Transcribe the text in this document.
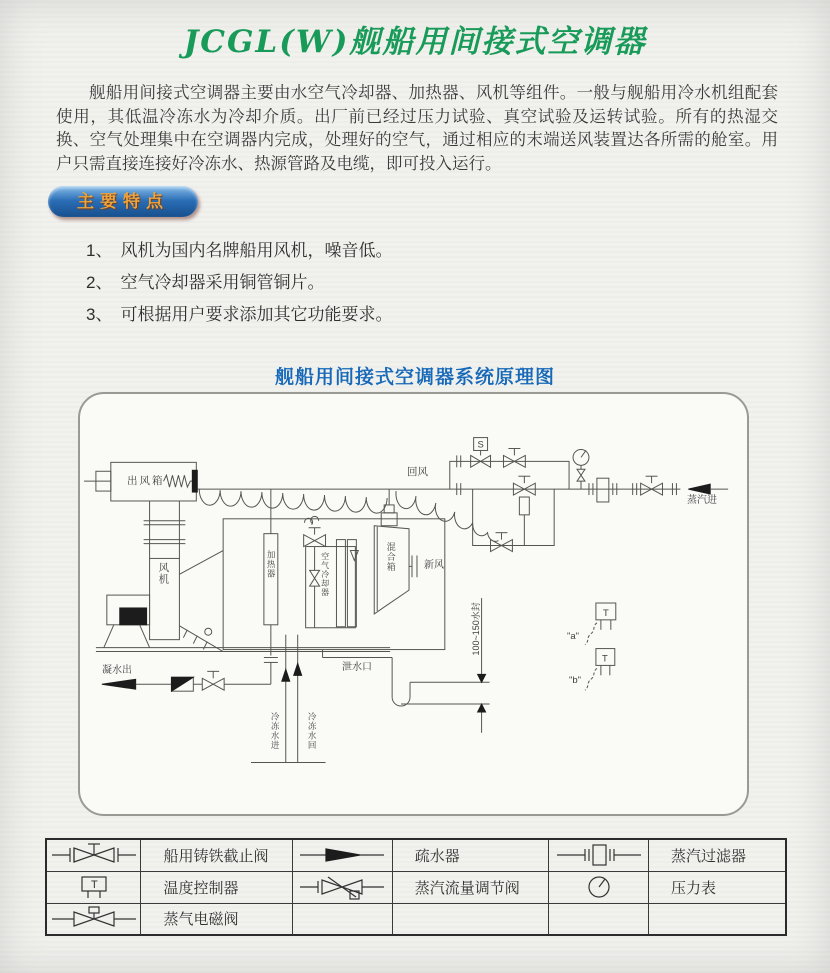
JCGL(W)舰船用间接式空调器

舰船用间接式空调器主要由水空气冷却器、加热器、风机等组件。一般与舰船用冷水机组配套使用，其低温冷冻水为冷却介质。出厂前已经过压力试验、真空试验及运转试验。所有的热湿交换、空气处理集中在空调器内完成，处理好的空气，通过相应的末端送风装置达各所需的舱室。用户只需直接连接好冷冻水、热源管路及电缆，即可投入运行。

主要特点
1、 风机为国内名牌船用风机，噪音低。
2、 空气冷却器采用铜管铜片。
3、 可根据用户要求添加其它功能要求。
舰船用间接式空调器系统原理图
S
T
T
出风箱
风机	加热器	空气冷却器	混合箱	新风
回风
蒸汽进
凝水出	泄水口
冷冻水进	冷冻水回
100~150水封	"a"
"b"
	船用铸铁截止阀		疏水器		蒸汽过滤器

T	温度控制器		蒸汽流量调节阀		压力表
	蒸气电磁阀				
